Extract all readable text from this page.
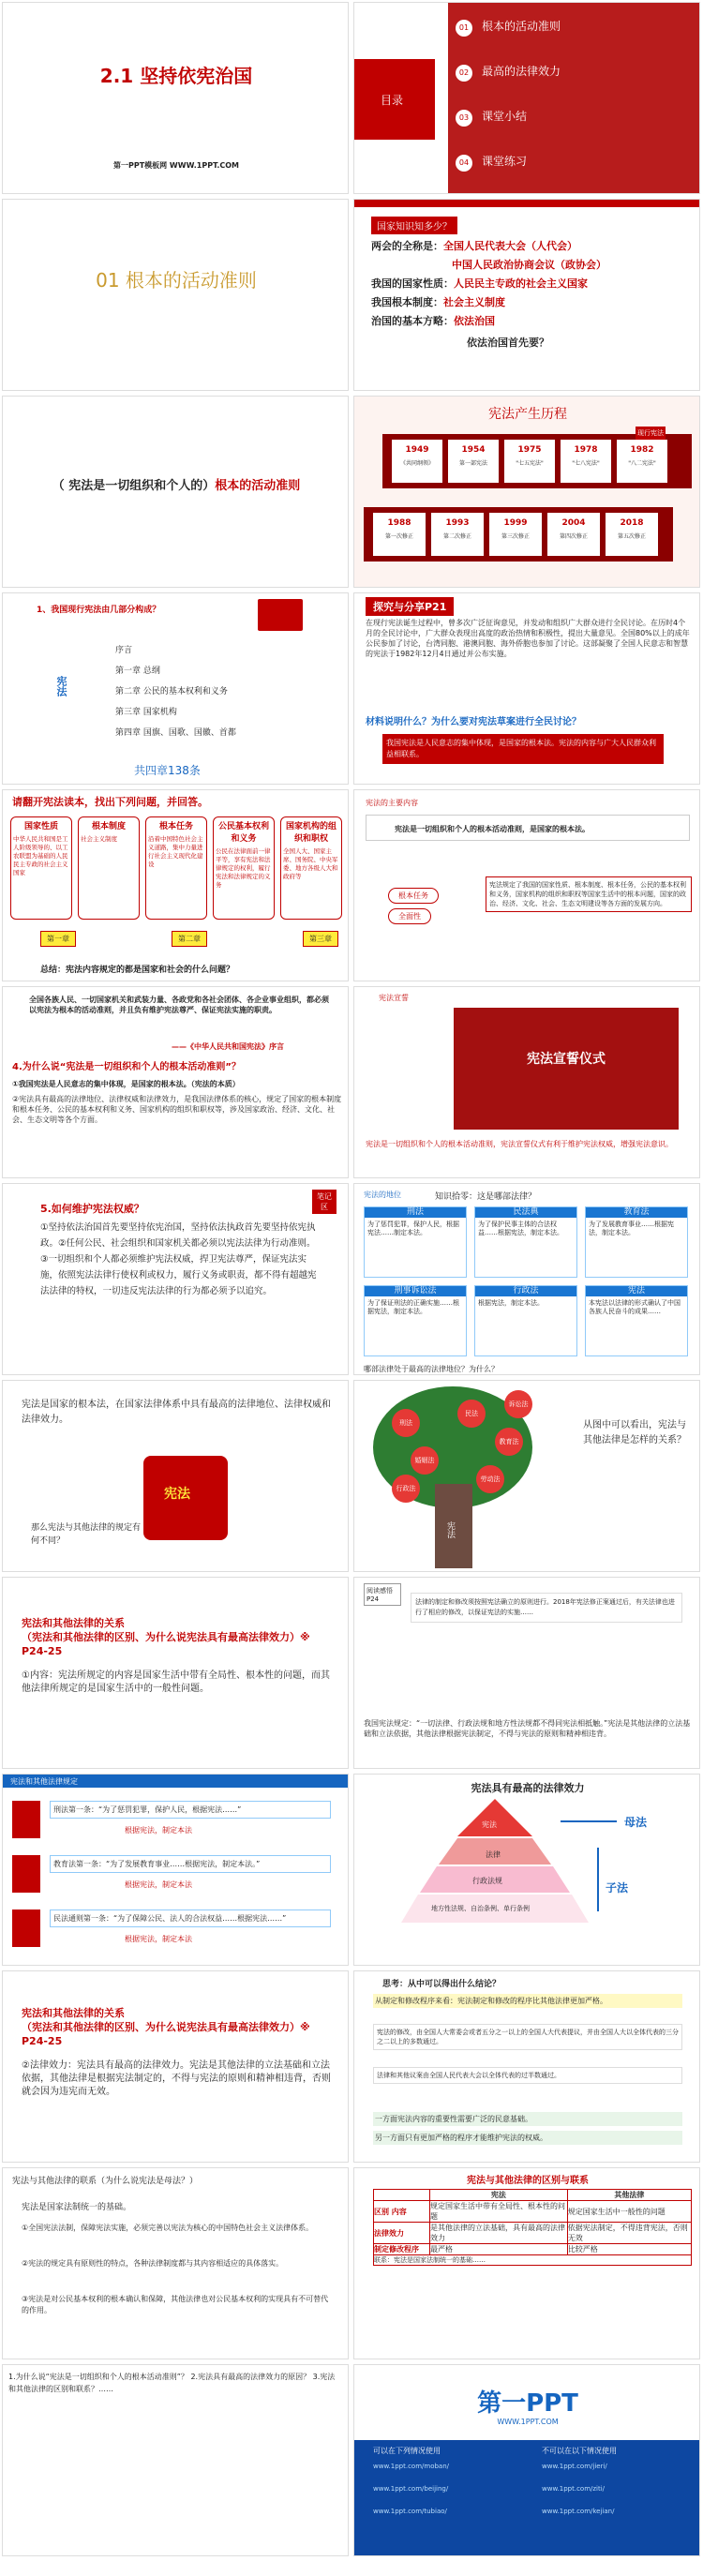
2.1 坚持依宪治国
第一PPT模板网 WWW.1PPT.COM
目录
01 根本的活动准则
02 最高的法律效力
03 课堂小结
04 课堂练习
01 根本的活动准则
国家知识知多少？
两会的全称是：全国人民代表大会（人代会）
中国人民政治协商会议（政协会）
我国的国家性质：人民民主专政的社会主义国家
我国根本制度：社会主义制度
治国的基本方略：依法治国
依法治国首先要？
（ 宪法是一切组织和个人的）根本的活动准则
宪法产生历程
现行宪法
1949
《共同纲领》
1954
第一部宪法
1975
"七五宪法"
1978
"七八宪法"
1982
"八二宪法"
1988
第一次修正
1993
第二次修正
1999
第三次修正
2004
第四次修正
2018
第五次修正
1、我国现行宪法由几部分构成？
宪法
序言
第一章 总纲
第二章 公民的基本权利和义务
第三章 国家机构
第四章 国旗、国歌、国徽、首都
共四章138条
探究与分享P21
在现行宪法诞生过程中，曾多次广泛征询意见，并发动和组织广大群众进行全民讨论。在历时4个月的全民讨论中，广大群众表现出高度的政治热情和积极性，提出大量意见。全国80%以上的成年公民参加了讨论，台湾同胞、港澳同胞、海外侨胞也参加了讨论。这部凝聚了全国人民意志和智慧的宪法于1982年12月4日通过并公布实施。
材料说明什么？为什么要对宪法草案进行全民讨论？
我国宪法是人民意志的集中体现，是国家的根本法。宪法的内容与广大人民群众利益相联系。
请翻开宪法读本，找出下列问题，并回答。
总结：宪法内容规定的都是国家和社会的什么问题？
国家性质
中华人民共和国是工人阶级领导的、以工农联盟为基础的人民民主专政的社会主义国家
根本制度
社会主义制度
根本任务
沿着中国特色社会主义道路，集中力量进行社会主义现代化建设
公民基本权利和义务
公民在法律面前一律平等，享有宪法和法律规定的权利，履行宪法和法律规定的义务
国家机构的组织和职权
全国人大、国家主席、国务院、中央军委、地方各级人大和政府等
第一章	第二章	第三章
宪法的主要内容
宪法是一切组织和个人的根本活动准则，是国家的根本法。
根本任务
全面性
宪法规定了我国的国家性质、根本制度、根本任务，公民的基本权利和义务，国家机构的组织和职权等国家生活中的根本问题，国家的政治、经济、文化、社会、生态文明建设等各方面的发展方向。
全国各族人民、一切国家机关和武装力量、各政党和各社会团体、各企业事业组织，都必须以宪法为根本的活动准则，并且负有维护宪法尊严、保证宪法实施的职责。
——《中华人民共和国宪法》序言
4.为什么说“宪法是一切组织和个人的根本活动准则”？
①我国宪法是人民意志的集中体现，是国家的根本法。（宪法的本质）
②宪法具有最高的法律地位、法律权威和法律效力，是我国法律体系的核心，规定了国家的根本制度和根本任务、公民的基本权利和义务、国家机构的组织和职权等，涉及国家政治、经济、文化、社会、生态文明等各个方面。
宪法宣誓
宪法宣誓仪式
宪法是一切组织和个人的根本活动准则，宪法宣誓仪式有利于维护宪法权威，增强宪法意识。
笔记区
5.如何维护宪法权威？
①坚持依法治国首先要坚持依宪治国，坚持依法执政首先要坚持依宪执政。②任何公民、社会组织和国家机关都必须以宪法法律为行动准则。③一切组织和个人都必须维护宪法权威，捍卫宪法尊严，保证宪法实施，依照宪法法律行使权利或权力，履行义务或职责，都不得有超越宪法法律的特权，一切违反宪法法律的行为都必须予以追究。
宪法的地位	知识拾零：这是哪部法律？
哪部法律处于最高的法律地位？为什么？
刑法
为了惩罚犯罪，保护人民，根据宪法……制定本法。
民法典
为了保护民事主体的合法权益……根据宪法，制定本法。
教育法
为了发展教育事业……根据宪法，制定本法。
刑事诉讼法
为了保证刑法的正确实施……根据宪法，制定本法。
行政法
根据宪法，制定本法。
宪法
本宪法以法律的形式确认了中国各族人民奋斗的成果……
宪法是国家的根本法，在国家法律体系中具有最高的法律地位、法律权威和法律效力。
宪法
那么宪法与其他法律的规定有何不同？
宪法
从图中可以看出，宪法与其他法律是怎样的关系？
刑法
民法
教育法
婚姻法
劳动法
行政法
诉讼法
宪法和其他法律的关系
（宪法和其他法律的区别、为什么说宪法具有最高法律效力）※ P24-25
①内容：宪法所规定的内容是国家生活中带有全局性、根本性的问题，而其他法律所规定的是国家生活中的一般性问题。
阅读感悟 P24	法律的制定和修改须按照宪法确立的原则进行。2018年宪法修正案通过后，有关法律也进行了相应的修改，以保证宪法的实施……
我国宪法规定：“一切法律、行政法规和地方性法规都不得同宪法相抵触。”宪法是其他法律的立法基础和立法依据，其他法律根据宪法制定，不得与宪法的原则和精神相违背。
宪法和其他法律规定
刑法第一条：“为了惩罚犯罪，保护人民，根据宪法……”
根据宪法，制定本法
教育法第一条：“为了发展教育事业……根据宪法，制定本法。”
根据宪法，制定本法
民法通则第一条：“为了保障公民、法人的合法权益……根据宪法……”
根据宪法，制定本法
宪法具有最高的法律效力
宪法
法律
行政法规
地方性法规、自治条例、单行条例
母法
子法
宪法和其他法律的关系
（宪法和其他法律的区别、为什么说宪法具有最高法律效力）※ P24-25
②法律效力：宪法具有最高的法律效力。宪法是其他法律的立法基础和立法依据，其他法律是根据宪法制定的，不得与宪法的原则和精神相违背，否则就会因为违宪而无效。
思考：从中可以得出什么结论？
从制定和修改程序来看：宪法制定和修改的程序比其他法律更加严格。
宪法的修改，由全国人大常委会或者五分之一以上的全国人大代表提议，并由全国人大以全体代表的三分之二以上的多数通过。
法律和其他议案由全国人民代表大会以全体代表的过半数通过。
一方面宪法内容的重要性需要广泛的民意基础。
另一方面只有更加严格的程序才能维护宪法的权威。
宪法与其他法律的联系（为什么说宪法是母法？）
宪法是国家法制统一的基础。
①全国宪法法制，保障宪法实施，必须完善以宪法为核心的中国特色社会主义法律体系。
②宪法的规定具有原则性的特点，各种法律制度都与其内容相适应的具体落实。
③宪法是对公民基本权利的根本确认和保障，其他法律也对公民基本权利的实现具有不可替代的作用。
宪法与其他法律的区别与联系
	宪法	其他法律
区别 内容	规定国家生活中带有全局性、根本性的问题	规定国家生活中一般性的问题
法律效力	是其他法律的立法基础，具有最高的法律效力	依据宪法制定，不得违背宪法，否则无效
制定修改程序	最严格	比较严格
联系：宪法是国家法制统一的基础……		
1.为什么说“宪法是一切组织和个人的根本活动准则”？ 2.宪法具有最高的法律效力的原因？ 3.宪法和其他法律的区别和联系？……
第一PPT
WWW.1PPT.COM
可以在下列情况使用	不可以在以下情况使用
www.1ppt.com/moban/	www.1ppt.com/jieri/
www.1ppt.com/beijing/	www.1ppt.com/ziti/
www.1ppt.com/tubiao/	www.1ppt.com/kejian/
